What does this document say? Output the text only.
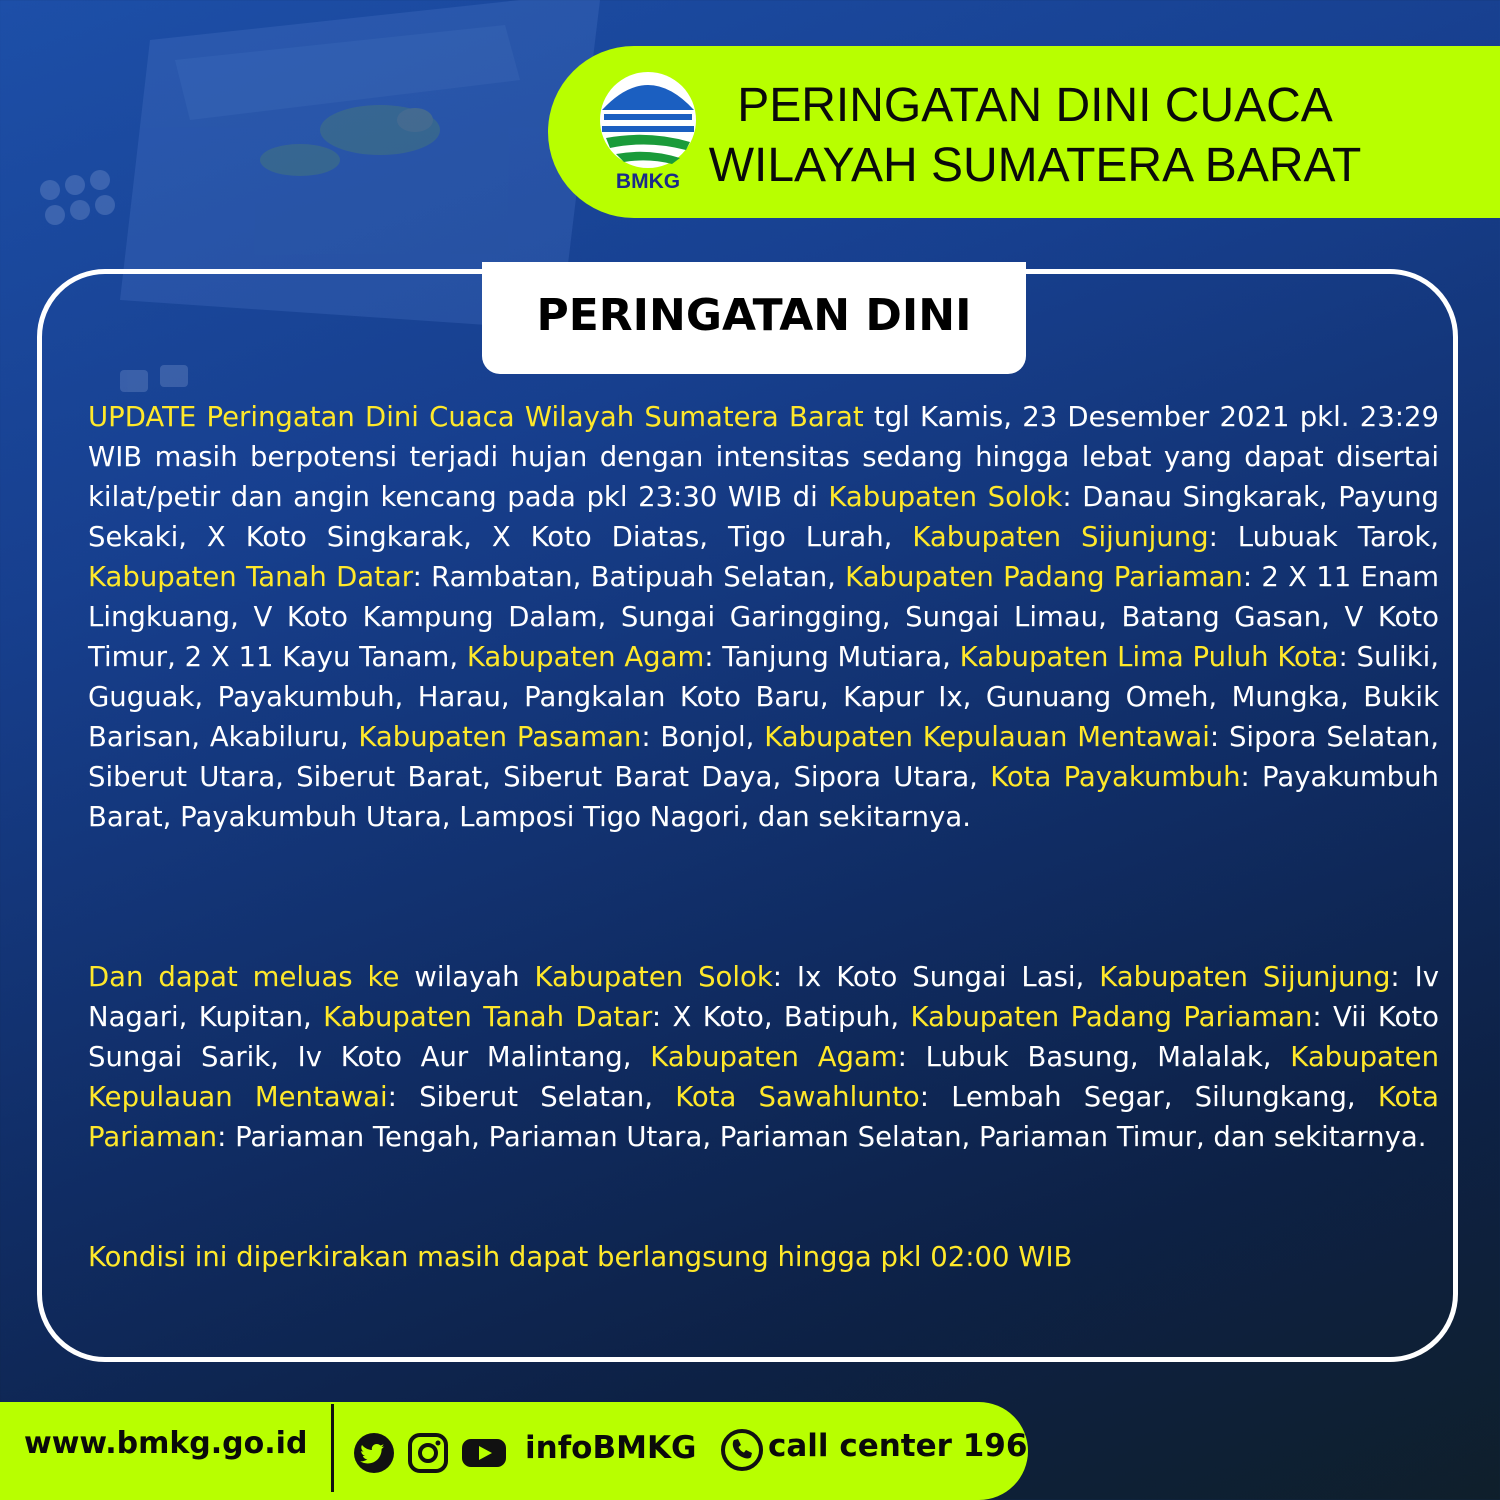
BMKG
PERINGATAN DINI CUACA
WILAYAH SUMATERA BARAT
PERINGATAN DINI

UPDATE Peringatan Dini Cuaca Wilayah Sumatera Barat tgl Kamis, 23 Desember 2021 pkl. 23:29 WIB masih berpotensi terjadi hujan dengan intensitas sedang hingga lebat yang dapat disertai kilat/petir dan angin kencang pada pkl 23:30 WIB di Kabupaten Solok: Danau Singkarak, Payung Sekaki, X Koto Singkarak, X Koto Diatas, Tigo Lurah, Kabupaten Sijunjung: Lubuak Tarok, Kabupaten Tanah Datar: Rambatan, Batipuah Selatan, Kabupaten Padang Pariaman: 2 X 11 Enam Lingkuang, V Koto Kampung Dalam, Sungai Garingging, Sungai Limau, Batang Gasan, V Koto Timur, 2 X 11 Kayu Tanam, Kabupaten Agam: Tanjung Mutiara, Kabupaten Lima Puluh Kota: Suliki, Guguak, Payakumbuh, Harau, Pangkalan Koto Baru, Kapur Ix, Gunuang Omeh, Mungka, Bukik Barisan, Akabiluru, Kabupaten Pasaman: Bonjol, Kabupaten Kepulauan Mentawai: Sipora Selatan, Siberut Utara, Siberut Barat, Siberut Barat Daya, Sipora Utara, Kota Payakumbuh: Payakumbuh Barat, Payakumbuh Utara, Lamposi Tigo Nagori, dan sekitarnya.

Dan dapat meluas ke wilayah Kabupaten Solok: Ix Koto Sungai Lasi, Kabupaten Sijunjung: Iv Nagari, Kupitan, Kabupaten Tanah Datar: X Koto, Batipuh, Kabupaten Padang Pariaman: Vii Koto Sungai Sarik, Iv Koto Aur Malintang, Kabupaten Agam: Lubuk Basung, Malalak, Kabupaten Kepulauan Mentawai: Siberut Selatan, Kota Sawahlunto: Lembah Segar, Silungkang, Kota Pariaman: Pariaman Tengah, Pariaman Utara, Pariaman Selatan, Pariaman Timur, dan sekitarnya.

Kondisi ini diperkirakan masih dapat berlangsung hingga pkl 02:00 WIB

www.bmkg.go.id	infoBMKG call center 196
